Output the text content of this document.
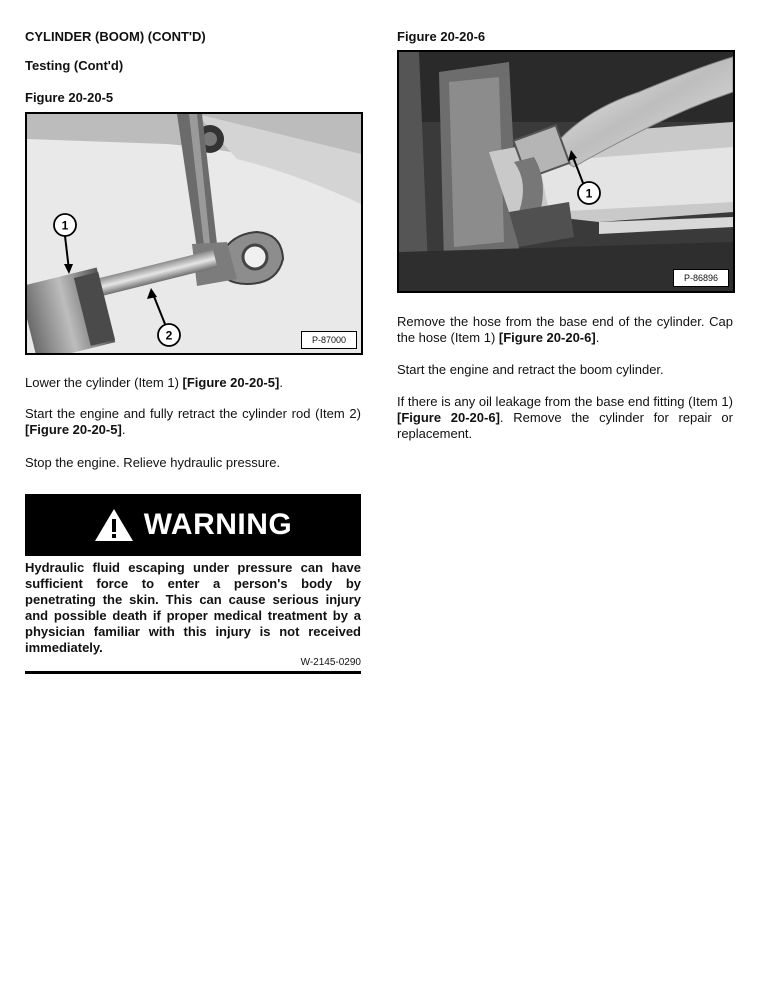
CYLINDER (BOOM) (CONT'D)
Testing (Cont'd)
Figure 20-20-5
1
2	P-87000
Lower the cylinder (Item 1) [Figure 20-20-5].
Start the engine and fully retract the cylinder rod (Item 2) [Figure 20-20-5].
Stop the engine. Relieve hydraulic pressure.
WARNING
Hydraulic fluid escaping under pressure can have sufficient force to enter a person's body by penetrating the skin. This can cause serious injury and possible death if proper medical treatment by a physician familiar with this injury is not received immediately.
W-2145-0290
Figure 20-20-6
1
P-86896
Remove the hose from the base end of the cylinder. Cap the hose (Item 1) [Figure 20-20-6].
Start the engine and retract the boom cylinder.
If there is any oil leakage from the base end fitting (Item 1) [Figure 20-20-6]. Remove the cylinder for repair or replacement.
